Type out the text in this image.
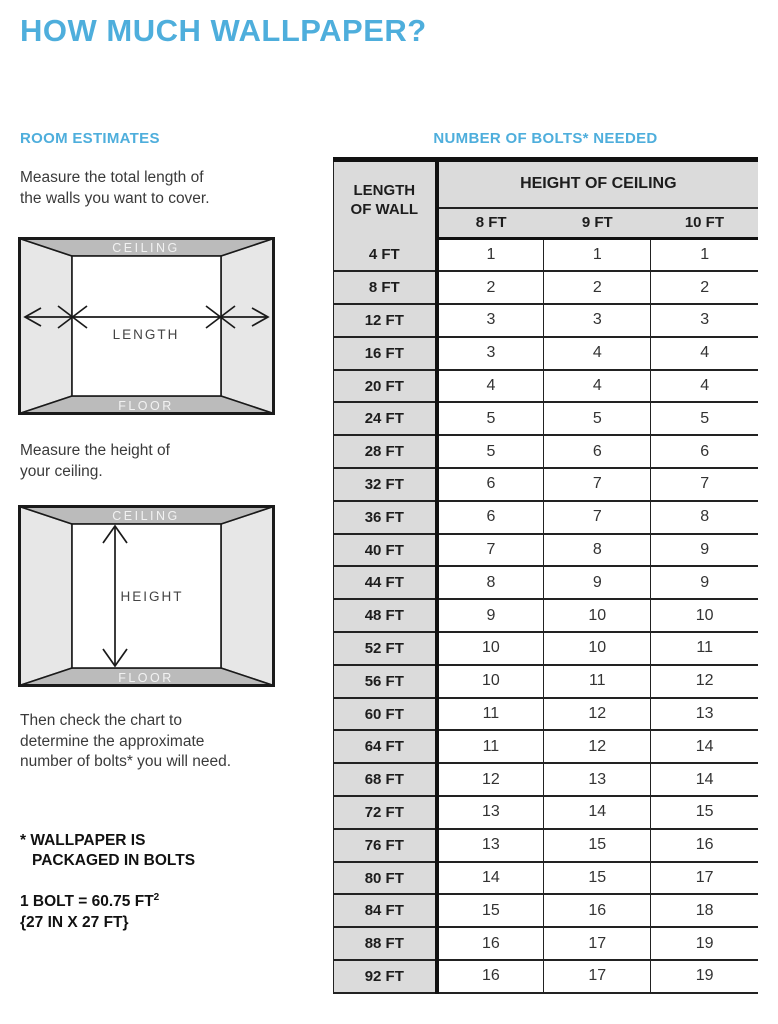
HOW MUCH WALLPAPER?
ROOM ESTIMATES
Measure the total length of
the walls you want to cover.
CEILING
LENGTH
FLOOR
Measure the height of
your ceiling.
CEILING
HEIGHT
FLOOR
Then check the chart to
determine the approximate
number of bolts* you will need.
* WALLPAPER IS
PACKAGED IN BOLTS
1 BOLT = 60.75 $FT^2$
{27 IN X 27 FT}
NUMBER OF BOLTS* NEEDED
LENGTH
OF WALL	HEIGHT OF CEILING		
	8 FT	9 FT	10 FT
4 FT	1	1	1
8 FT	2	2	2
12 FT	3	3	3
16 FT	3	4	4
20 FT	4	4	4
24 FT	5	5	5
28 FT	5	6	6
32 FT	6	7	7
36 FT	6	7	8
40 FT	7	8	9
44 FT	8	9	9
48 FT	9	10	10
52 FT	10	10	11
56 FT	10	11	12
60 FT	11	12	13
64 FT	11	12	14
68 FT	12	13	14
72 FT	13	14	15
76 FT	13	15	16
80 FT	14	15	17
84 FT	15	16	18
88 FT	16	17	19
92 FT	16	17	19
